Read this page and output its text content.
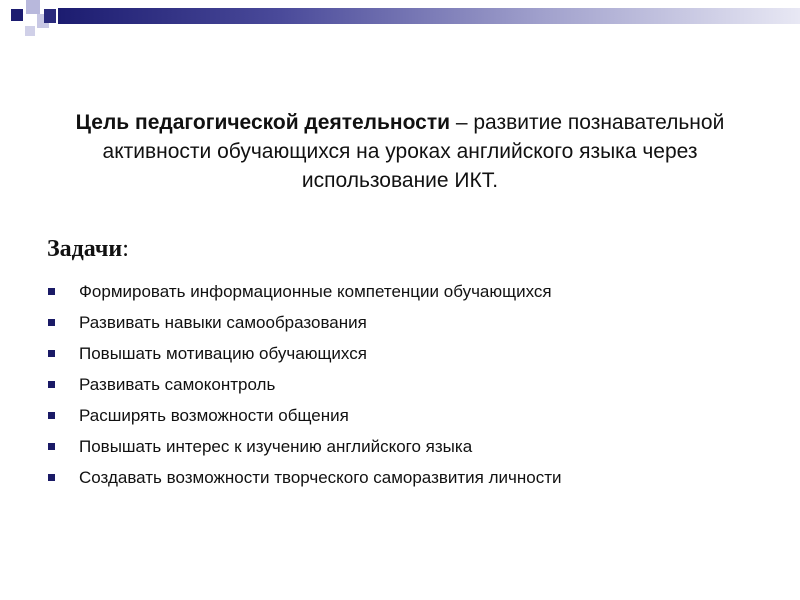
Цель педагогической деятельности – развитие познавательной активности обучающихся на уроках английского языка через использование ИКТ.
Задачи:
Формировать информационные компетенции обучающихся
Развивать навыки самообразования
Повышать мотивацию обучающихся
Развивать самоконтроль
Расширять возможности общения
Повышать интерес к изучению английского языка
Создавать возможности творческого саморазвития личности
